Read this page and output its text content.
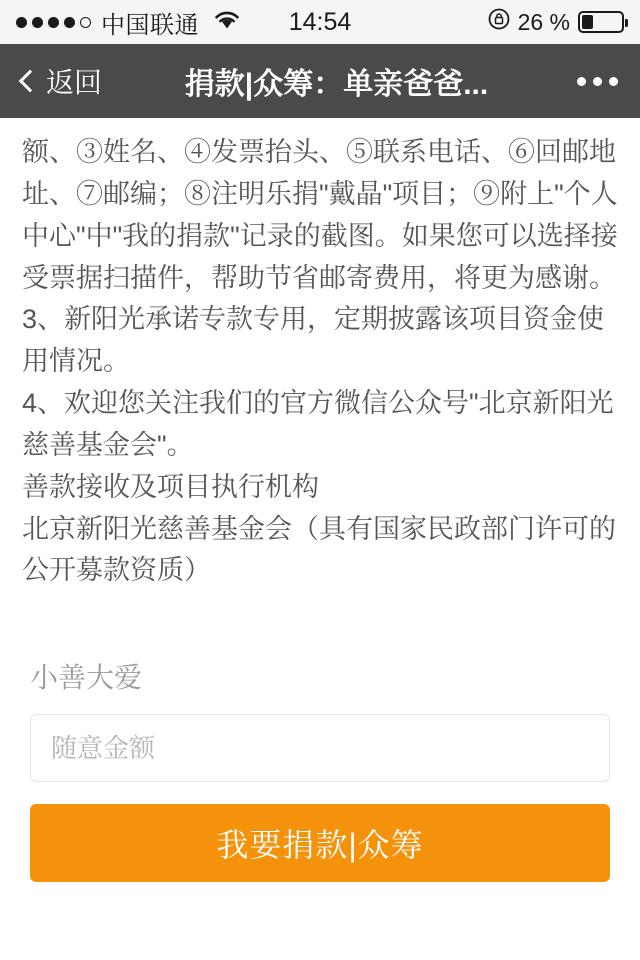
中国联通	14:54	26 %
返回	捐款|众筹：单亲爸爸...

额、③姓名、④发票抬头、⑤联系电话、⑥回邮地址、⑦邮编；⑧注明乐捐"戴晶"项目；⑨附上"个人中心"中"我的捐款"记录的截图。如果您可以选择接受票据扫描件，帮助节省邮寄费用，将更为感谢。

3、新阳光承诺专款专用，定期披露该项目资金使用情况。

4、欢迎您关注我们的官方微信公众号"北京新阳光慈善基金会"。

善款接收及项目执行机构

北京新阳光慈善基金会（具有国家民政部门许可的公开募款资质）

小善大爱
随意金额 我要捐款|众筹
